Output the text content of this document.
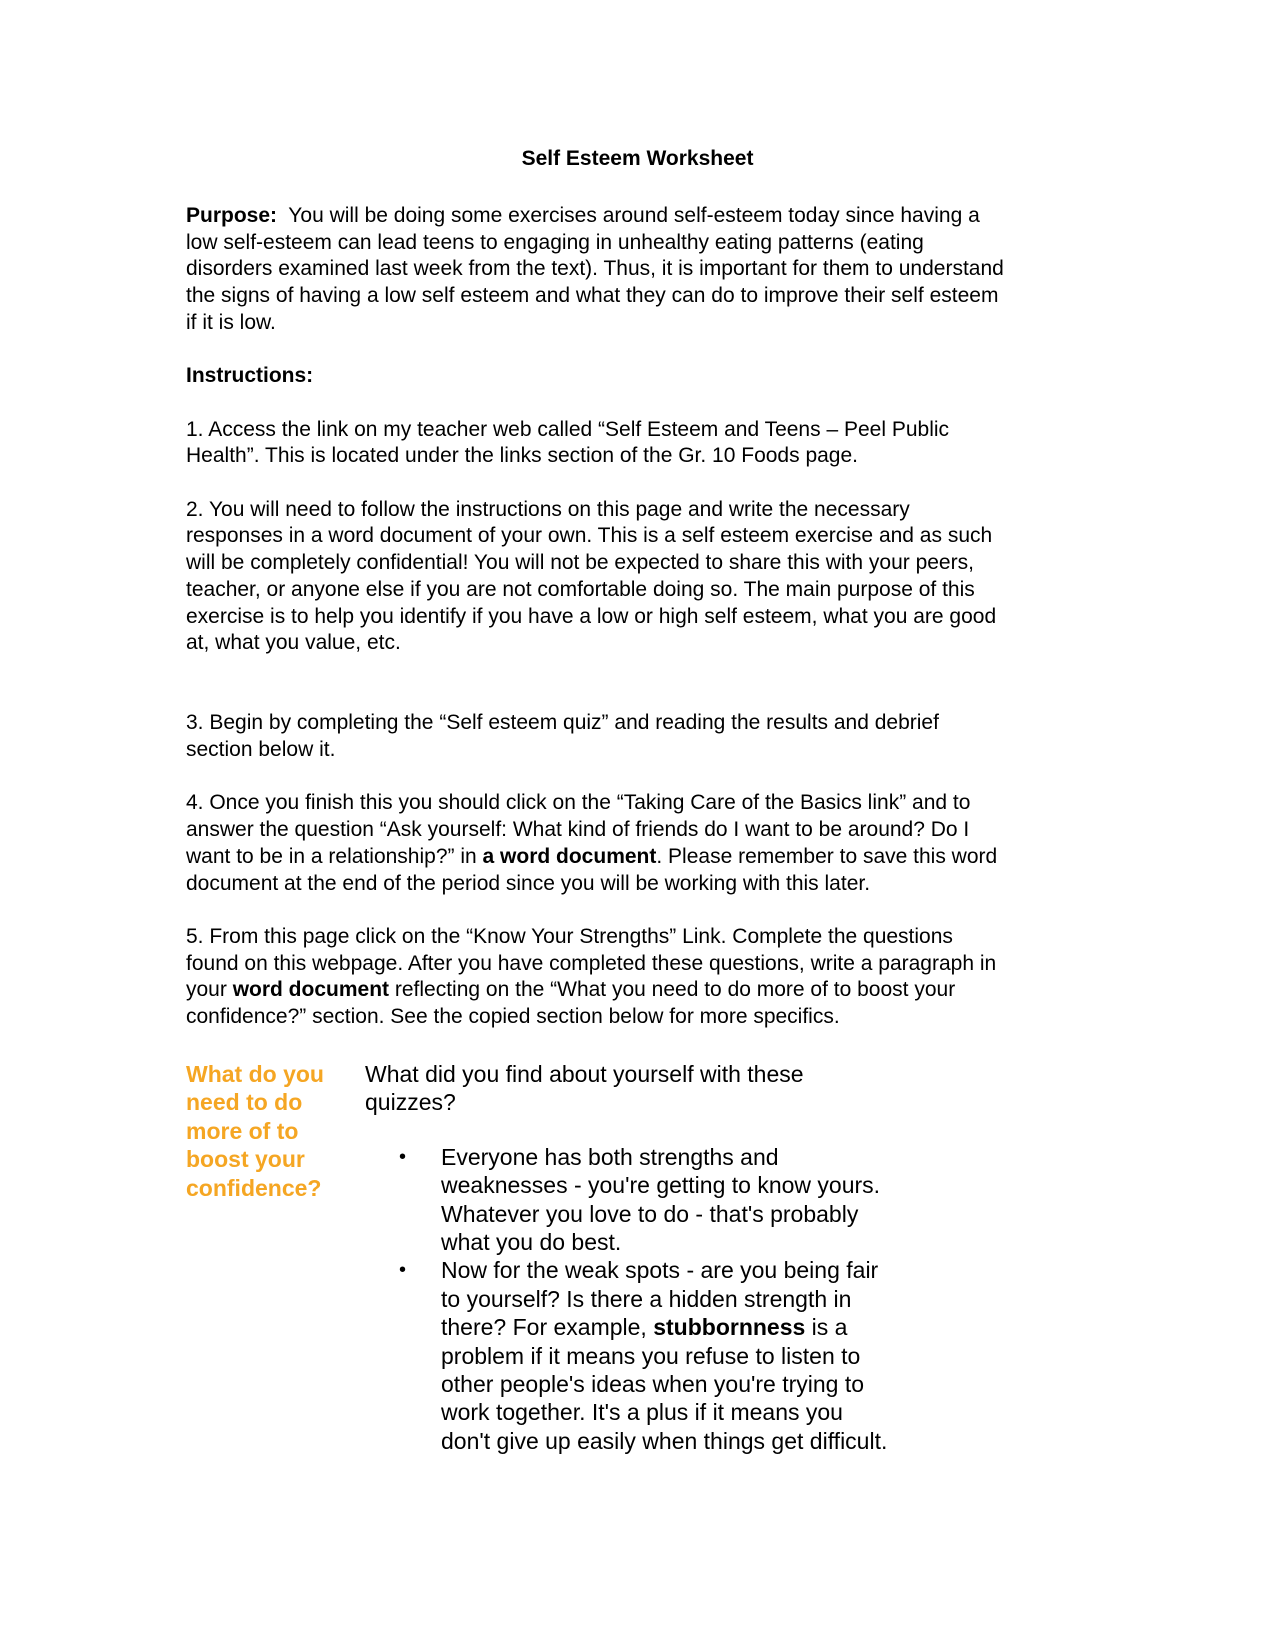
Self Esteem Worksheet

Purpose:  You will be doing some exercises around self-esteem today since having a

low self-esteem can lead teens to engaging in unhealthy eating patterns (eating

disorders examined last week from the text). Thus, it is important for them to understand

the signs of having a low self esteem and what they can do to improve their self esteem

if it is low.

Instructions:

1. Access the link on my teacher web called “Self Esteem and Teens – Peel Public

Health”. This is located under the links section of the Gr. 10 Foods page.

2. You will need to follow the instructions on this page and write the necessary

responses in a word document of your own. This is a self esteem exercise and as such

will be completely confidential! You will not be expected to share this with your peers,

teacher, or anyone else if you are not comfortable doing so. The main purpose of this

exercise is to help you identify if you have a low or high self esteem, what you are good

at, what you value, etc.

3. Begin by completing the “Self esteem quiz” and reading the results and debrief

section below it.

4. Once you finish this you should click on the “Taking Care of the Basics link” and to

answer the question “Ask yourself: What kind of friends do I want to be around? Do I

want to be in a relationship?” in a word document. Please remember to save this word

document at the end of the period since you will be working with this later.

5. From this page click on the “Know Your Strengths” Link. Complete the questions

found on this webpage. After you have completed these questions, write a paragraph in

your word document reflecting on the “What you need to do more of to boost your

confidence?” section. See the copied section below for more specifics.

What do you
need to do
more of to
boost your
confidence?
What did you find about yourself with these
quizzes?
• Everyone has both strengths and
weaknesses - you're getting to know yours.
Whatever you love to do - that's probably
what you do best.
• Now for the weak spots - are you being fair
to yourself? Is there a hidden strength in
there? For example, stubbornness is a
problem if it means you refuse to listen to
other people's ideas when you're trying to
work together. It's a plus if it means you
don't give up easily when things get difficult.
